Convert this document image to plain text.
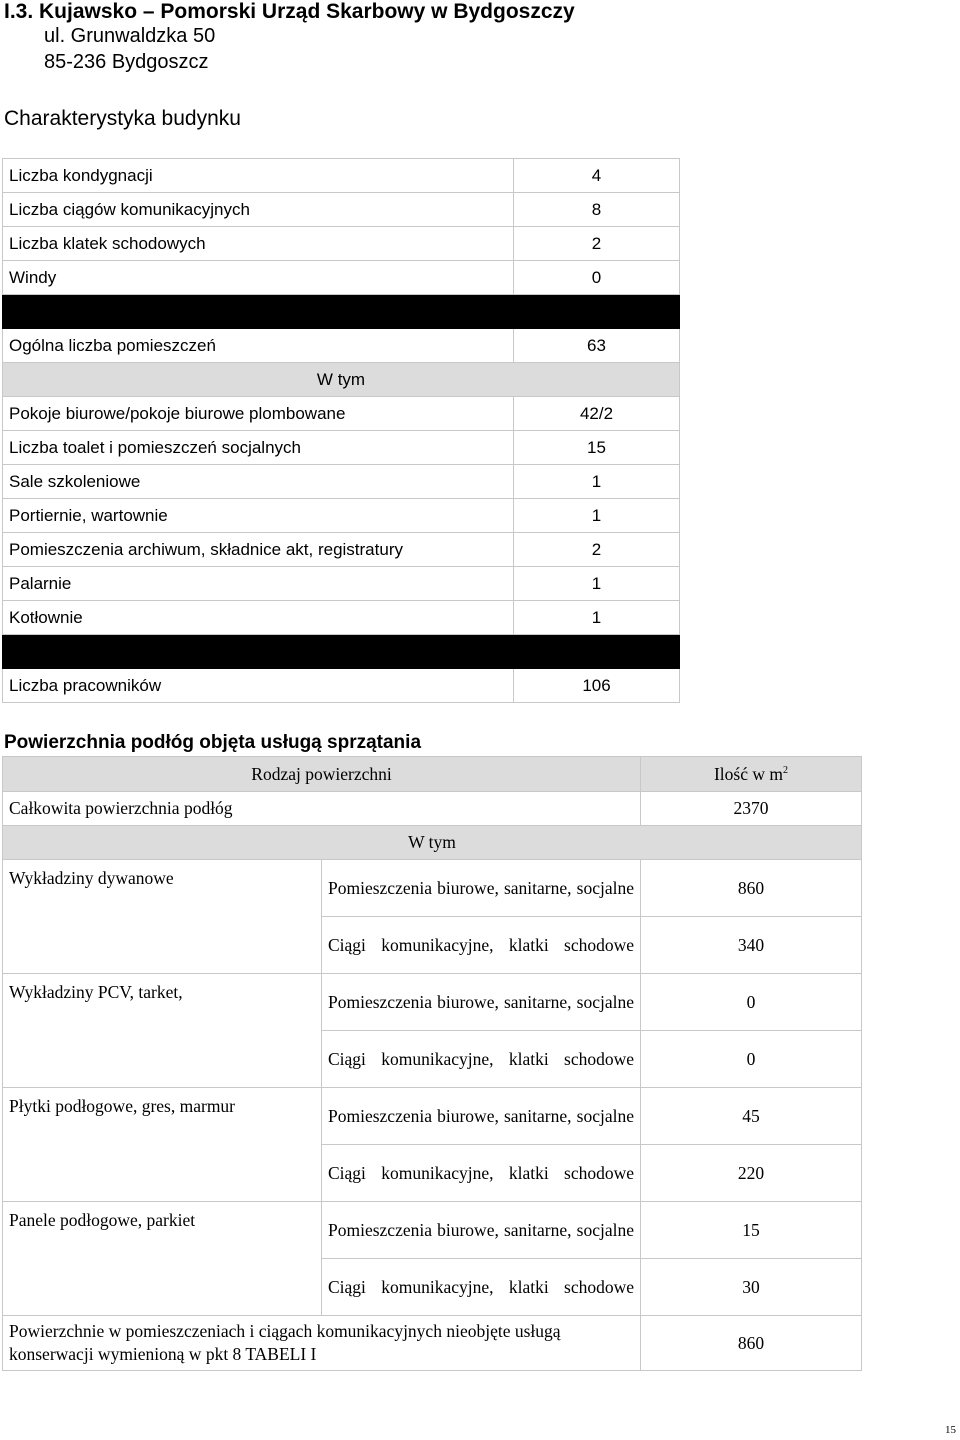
I.3. Kujawsko – Pomorski Urząd Skarbowy w Bydgoszczy
ul. Grunwaldzka 50
85-236 Bydgoszcz
Charakterystyka budynku
Liczba kondygnacji	4
Liczba ciągów komunikacyjnych	8
Liczba klatek schodowych	2
Windy	0

Ogólna liczba pomieszczeń	63
W tym	
Pokoje biurowe/pokoje biurowe plombowane	42/2
Liczba toalet i pomieszczeń socjalnych	15
Sale szkoleniowe	1
Portiernie, wartownie	1
Pomieszczenia archiwum, składnice akt, registratury	2
Palarnie	1
Kotłownie	1

Liczba pracowników	106
Powierzchnia podłóg objęta usługą sprzątania
Rodzaj powierzchni		Ilość w $m^2$
Całkowita powierzchnia podłóg		2370
W tym		
Wykładziny dywanowe	Pomieszczenia biurowe, sanitarne, socjalne	860
	Ciągi komunikacyjne, klatki schodowe	340
Wykładziny PCV, tarket,	Pomieszczenia biurowe, sanitarne, socjalne	0
	Ciągi komunikacyjne, klatki schodowe	0
Płytki podłogowe, gres, marmur	Pomieszczenia biurowe, sanitarne, socjalne	45
	Ciągi komunikacyjne, klatki schodowe	220
Panele podłogowe, parkiet	Pomieszczenia biurowe, sanitarne, socjalne	15
	Ciągi komunikacyjne, klatki schodowe	30
Powierzchnie w pomieszczeniach i ciągach komunikacyjnych nieobjęte usługą konserwacji wymienioną w pkt 8 TABELI I		860
15
